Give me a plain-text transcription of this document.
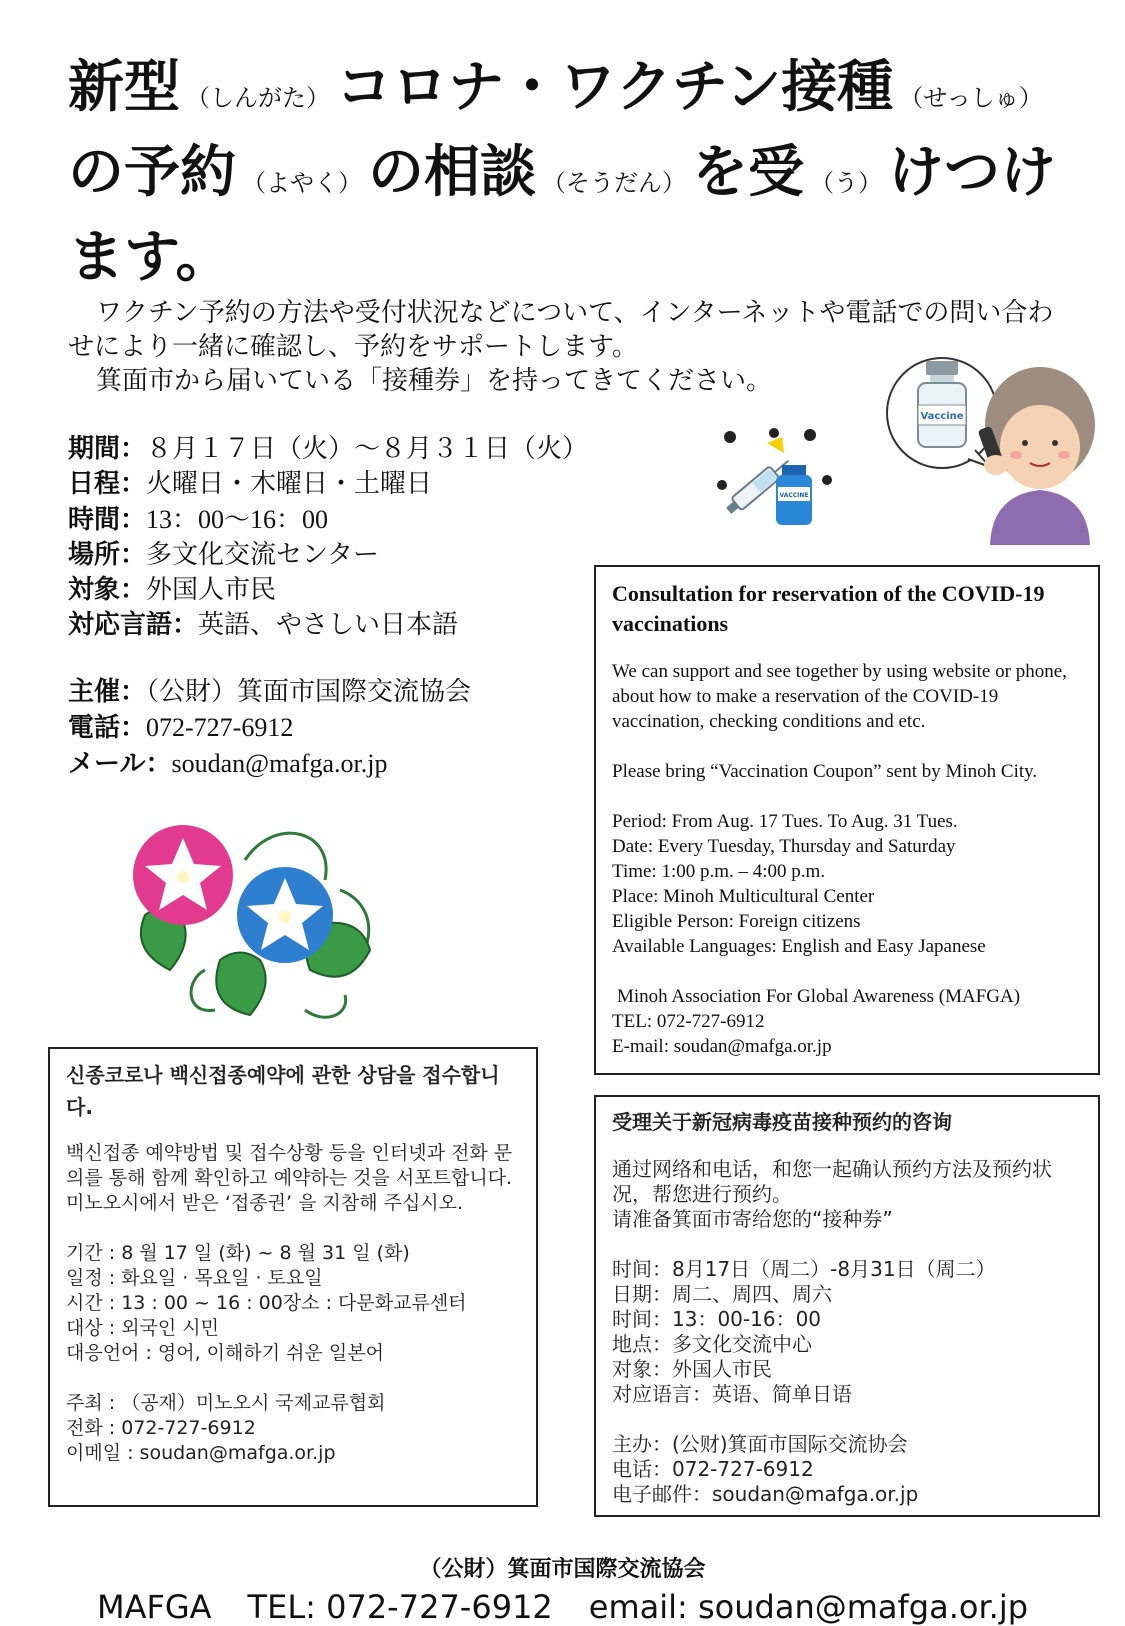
新型 （しんがた） コロナ・ワクチン接種 （せっしゅ）
の予約 （よやく） の相談 （そうだん） を受 （う） けつけ
ます。

ワクチン予約の方法や受付状況などについて、インターネットや電話での問い合わせにより一緒に確認し、予約をサポートします。

箕面市から届いている「接種券」を持ってきてください。

期間：８月１７日（火）～８月３１日（火）
日程：火曜日・木曜日・土曜日
時間：13：00～16：00
場所：多文化交流センター
対象：外国人市民
対応言語：英語、やさしい日本語
主催：（公財）箕面市国際交流協会
電話：072-727-6912
メール：soudan@mafga.or.jp
VACCINE
Vaccine
Consultation for reservation of the COVID-19 vaccinations

We can support and see together by using website or phone, about how to make a reservation of the COVID-19 vaccination, checking conditions and etc.

Please bring “Vaccination Coupon” sent by Minoh City.

Period: From Aug. 17 Tues. To Aug. 31 Tues.

Date: Every Tuesday, Thursday and Saturday

Time: 1:00 p.m. – 4:00 p.m.

Place: Minoh Multicultural Center

Eligible Person: Foreign citizens

Available Languages: English and Easy Japanese

Minoh Association For Global Awareness (MAFGA)

TEL: 072-727-6912

E-mail: soudan@mafga.or.jp

신종코로나 백신접종예약에 관한 상담을 접수합니다.

백신접종 예약방법 및 접수상황 등을 인터넷과 전화 문의를 통해 함께 확인하고 예약하는 것을 서포트합니다.

미노오시에서 받은 ‘접종권’ 을 지참해 주십시오.

기간 : 8 월 17 일 (화) ~ 8 월 31 일 (화)

일정 : 화요일 · 목요일 · 토요일

시간 : 13 : 00 ~ 16 : 00장소 : 다문화교류센터

대상 : 외국인 시민

대응언어 : 영어, 이해하기 쉬운 일본어

주최 : （공재）미노오시 국제교류협회

전화 : 072-727-6912

이메일 : soudan@mafga.or.jp

受理关于新冠病毒疫苗接种预约的咨询

通过网络和电话，和您一起确认预约方法及预约状况，帮您进行预约。

请准备箕面市寄给您的“接种券”

时间：8月17日（周二）-8月31日（周二）

日期：周二、周四、周六

时间：13：00-16：00

地点：多文化交流中心

对象：外国人市民

对应语言：英语、简单日语

主办：(公财)箕面市国际交流协会

电话：072-727-6912

电子邮件：soudan@mafga.or.jp

（公財）箕面市国際交流協会
MAFGA TEL: 072-727-6912 email: soudan@mafga.or.jp
